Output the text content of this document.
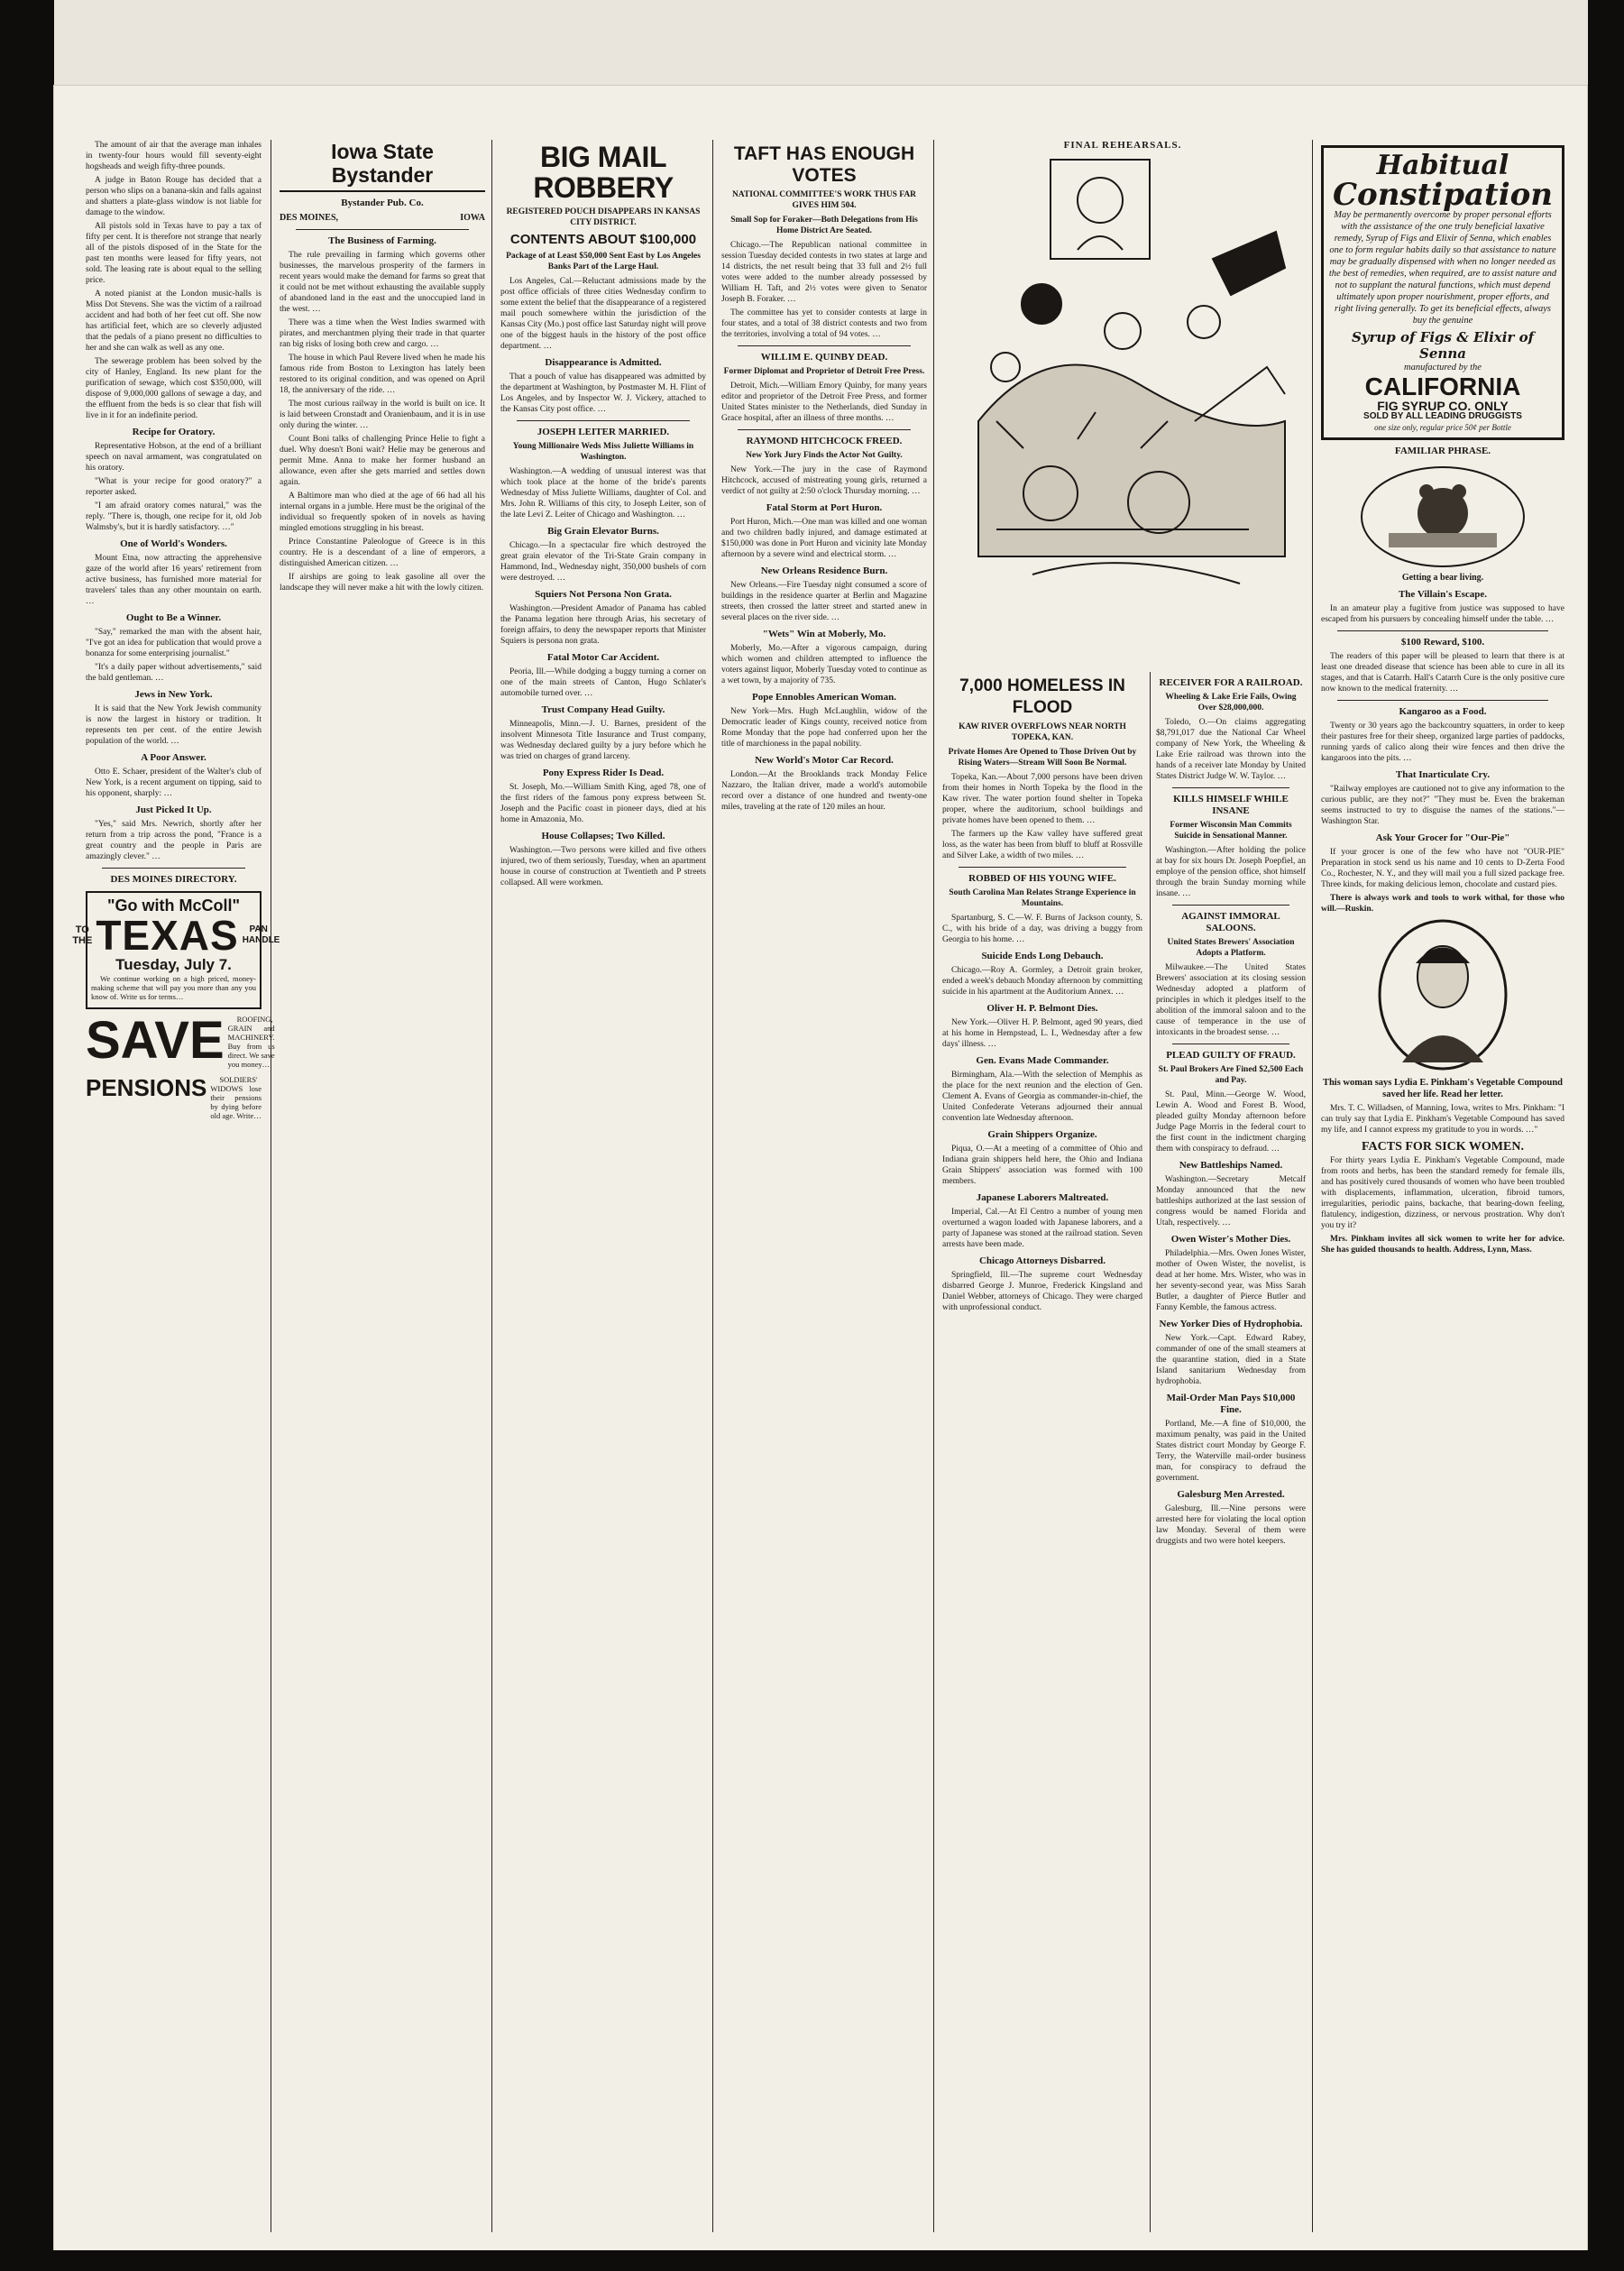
The amount of air that the average man inhales in twenty-four hours would fill seventy-eight hogsheads and weigh fifty-three pounds.

A judge in Baton Rouge has decided that a person who slips on a banana-skin and falls against and shatters a plate-glass window is not liable for damage to the window.

All pistols sold in Texas have to pay a tax of fifty per cent. It is therefore not strange that nearly all of the pistols disposed of in the State for the past ten months were leased for fifty years, not sold. The leasing rate is about equal to the selling price.

A noted pianist at the London music-halls is Miss Dot Stevens. She was the victim of a railroad accident and had both of her feet cut off. She now has artificial feet, which are so cleverly adjusted that the pedals of a piano present no difficulties to her and she can walk as well as any one.

The sewerage problem has been solved by the city of Hanley, England. Its new plant for the purification of sewage, which cost $350,000, will dispose of 9,000,000 gallons of sewage a day, and the effluent from the beds is so clear that fish will live in it for an indefinite period.

Recipe for Oratory.

Representative Hobson, at the end of a brilliant speech on naval armament, was congratulated on his oratory.

"What is your recipe for good oratory?" a reporter asked.

"I am afraid oratory comes natural," was the reply. "There is, though, one recipe for it, old Job Walmsby's, but it is hardly satisfactory. …"

One of World's Wonders.

Mount Etna, now attracting the apprehensive gaze of the world after 16 years' retirement from active business, has furnished more material for travelers' tales than any other mountain on earth. …

Ought to Be a Winner.

"Say," remarked the man with the absent hair, "I've got an idea for publication that would prove a bonanza for some enterprising journalist."

"It's a daily paper without advertisements," said the bald gentleman. …

Jews in New York.

It is said that the New York Jewish community is now the largest in history or tradition. It represents ten per cent. of the entire Jewish population of the world. …

A Poor Answer.

Otto E. Schaer, president of the Walter's club of New York, is a recent argument on tipping, said to his opponent, sharply: …

Just Picked It Up.

"Yes," said Mrs. Newrich, shortly after her return from a trip across the pond, "France is a great country and the people in Paris are amazingly clever." …

DES MOINES DIRECTORY.
"Go with McColl"
TO THE TEXAS	PAN HANDLE
Tuesday, July 7.

We continue working on a high priced, money-making scheme that will pay you more than any you know of. Write us for terms…

SAVE	ROOFING, GRAIN and MACHINERY. Buy from us direct. We save you money…

PENSIONS	SOLDIERS' WIDOWS lose their pensions by dying before old age. Write…

Iowa State Bystander
Bystander Pub. Co.
DES MOINES,	IOWA
The Business of Farming.

The rule prevailing in farming which governs other businesses, the marvelous prosperity of the farmers in recent years would make the demand for farms so great that it could not be met without exhausting the available supply of abandoned land in the east and the unoccupied land in the west. …

There was a time when the West Indies swarmed with pirates, and merchantmen plying their trade in that quarter ran big risks of losing both crew and cargo. …

The house in which Paul Revere lived when he made his famous ride from Boston to Lexington has lately been restored to its original condition, and was opened on April 18, the anniversary of the ride. …

The most curious railway in the world is built on ice. It is laid between Cronstadt and Oranienbaum, and it is in use only during the winter. …

Count Boni talks of challenging Prince Helie to fight a duel. Why doesn't Boni wait? Helie may be generous and permit Mme. Anna to make her former husband an allowance, even after she gets married and settles down again.

A Baltimore man who died at the age of 66 had all his internal organs in a jumble. Here must be the original of the individual so frequently spoken of in novels as having mingled emotions struggling in his breast.

Prince Constantine Paleologue of Greece is in this country. He is a descendant of a line of emperors, a distinguished American citizen. …

If airships are going to leak gasoline all over the landscape they will never make a hit with the lowly citizen.

BIG MAIL ROBBERY
REGISTERED POUCH DISAPPEARS IN KANSAS CITY DISTRICT.
CONTENTS ABOUT $100,000
Package of at Least $50,000 Sent East by Los Angeles Banks Part of the Large Haul.

Los Angeles, Cal.—Reluctant admissions made by the post office officials of three cities Wednesday confirm to some extent the belief that the disappearance of a registered mail pouch somewhere within the jurisdiction of the Kansas City (Mo.) post office last Saturday night will prove one of the biggest hauls in the history of the post office department. …

Disappearance is Admitted.

That a pouch of value has disappeared was admitted by the department at Washington, by Postmaster M. H. Flint of Los Angeles, and by Inspector W. J. Vickery, attached to the Kansas City post office. …

JOSEPH LEITER MARRIED.
Young Millionaire Weds Miss Juliette Williams in Washington.

Washington.—A wedding of unusual interest was that which took place at the home of the bride's parents Wednesday of Miss Juliette Williams, daughter of Col. and Mrs. John R. Williams of this city, to Joseph Leiter, son of the late Levi Z. Leiter of Chicago and Washington. …

Big Grain Elevator Burns.

Chicago.—In a spectacular fire which destroyed the great grain elevator of the Tri-State Grain company in Hammond, Ind., Wednesday night, 350,000 bushels of corn were destroyed. …

Squiers Not Persona Non Grata.

Washington.—President Amador of Panama has cabled the Panama legation here through Arias, his secretary of foreign affairs, to deny the newspaper reports that Minister Squiers is persona non grata.

Fatal Motor Car Accident.

Peoria, Ill.—While dodging a buggy turning a corner on one of the main streets of Canton, Hugo Schlater's automobile turned over. …

Trust Company Head Guilty.

Minneapolis, Minn.—J. U. Barnes, president of the insolvent Minnesota Title Insurance and Trust company, was Wednesday declared guilty by a jury before which he was tried on charges of grand larceny.

Pony Express Rider Is Dead.

St. Joseph, Mo.—William Smith King, aged 78, one of the first riders of the famous pony express between St. Joseph and the Pacific coast in pioneer days, died at his home in Amazonia, Mo.

House Collapses; Two Killed.

Washington.—Two persons were killed and five others injured, two of them seriously, Tuesday, when an apartment house in course of construction at Twentieth and P streets collapsed. All were workmen.

TAFT HAS ENOUGH VOTES
NATIONAL COMMITTEE'S WORK THUS FAR GIVES HIM 504.
Small Sop for Foraker—Both Delegations from His Home District Are Seated.

Chicago.—The Republican national committee in session Tuesday decided contests in two states at large and 14 districts, the net result being that 33 full and 2½ full votes were added to the number already possessed by William H. Taft, and 2½ votes were given to Senator Joseph B. Foraker. …

The committee has yet to consider contests at large in four states, and a total of 38 district contests and two from the territories, involving a total of 94 votes. …

WILLIM E. QUINBY DEAD.
Former Diplomat and Proprietor of Detroit Free Press.

Detroit, Mich.—William Emory Quinby, for many years editor and proprietor of the Detroit Free Press, and former United States minister to the Netherlands, died Sunday in Grace hospital, after an illness of three months. …

RAYMOND HITCHCOCK FREED.
New York Jury Finds the Actor Not Guilty.

New York.—The jury in the case of Raymond Hitchcock, accused of mistreating young girls, returned a verdict of not guilty at 2:50 o'clock Thursday morning. …

Fatal Storm at Port Huron.

Port Huron, Mich.—One man was killed and one woman and two children badly injured, and damage estimated at $150,000 was done in Port Huron and vicinity late Monday afternoon by a severe wind and electrical storm. …

New Orleans Residence Burn.

New Orleans.—Fire Tuesday night consumed a score of buildings in the residence quarter at Berlin and Magazine streets, then crossed the latter street and started anew in several places on the river side. …

"Wets" Win at Moberly, Mo.

Moberly, Mo.—After a vigorous campaign, during which women and children attempted to influence the voters against liquor, Moberly Tuesday voted to continue as a wet town, by a majority of 735.

Pope Ennobles American Woman.

New York—Mrs. Hugh McLaughlin, widow of the Democratic leader of Kings county, received notice from Rome Monday that the pope had conferred upon her the title of marchioness in the papal nobility.

New World's Motor Car Record.

London.—At the Brooklands track Monday Felice Nazzaro, the Italian driver, made a world's automobile record over a distance of one hundred and twenty-one miles, traveling at the rate of 120 miles an hour.

FINAL REHEARSALS.
7,000 HOMELESS IN FLOOD
KAW RIVER OVERFLOWS NEAR NORTH TOPEKA, KAN.
Private Homes Are Opened to Those Driven Out by Rising Waters—Stream Will Soon Be Normal.

Topeka, Kan.—About 7,000 persons have been driven from their homes in North Topeka by the flood in the Kaw river. The water portion found shelter in Topeka proper, where the auditorium, school buildings and private homes have been opened to them. …

The farmers up the Kaw valley have suffered great loss, as the water has been from bluff to bluff at Rossville and Silver Lake, a width of two miles. …

ROBBED OF HIS YOUNG WIFE.
South Carolina Man Relates Strange Experience in Mountains.

Spartanburg, S. C.—W. F. Burns of Jackson county, S. C., with his bride of a day, was driving a buggy from Georgia to his home. …

Suicide Ends Long Debauch.

Chicago.—Roy A. Gormley, a Detroit grain broker, ended a week's debauch Monday afternoon by committing suicide in his apartment at the Auditorium Annex. …

Oliver H. P. Belmont Dies.

New York.—Oliver H. P. Belmont, aged 90 years, died at his home in Hempstead, L. I., Wednesday after a few days' illness. …

Gen. Evans Made Commander.

Birmingham, Ala.—With the selection of Memphis as the place for the next reunion and the election of Gen. Clement A. Evans of Georgia as commander-in-chief, the United Confederate Veterans adjourned their annual convention late Wednesday afternoon.

Grain Shippers Organize.

Piqua, O.—At a meeting of a committee of Ohio and Indiana grain shippers held here, the Ohio and Indiana Grain Shippers' association was formed with 100 members.

Japanese Laborers Maltreated.

Imperial, Cal.—At El Centro a number of young men overturned a wagon loaded with Japanese laborers, and a party of Japanese was stoned at the railroad station. Seven arrests have been made.

Chicago Attorneys Disbarred.

Springfield, Ill.—The supreme court Wednesday disbarred George J. Munroe, Frederick Kingsland and Daniel Webber, attorneys of Chicago. They were charged with unprofessional conduct.

RECEIVER FOR A RAILROAD.
Wheeling & Lake Erie Fails, Owing Over $28,000,000.

Toledo, O.—On claims aggregating $8,791,017 due the National Car Wheel company of New York, the Wheeling & Lake Erie railroad was thrown into the hands of a receiver late Monday by United States District Judge W. W. Taylor. …

KILLS HIMSELF WHILE INSANE
Former Wisconsin Man Commits Suicide in Sensational Manner.

Washington.—After holding the police at bay for six hours Dr. Joseph Poepfiel, an employe of the pension office, shot himself through the brain Sunday morning while insane. …

AGAINST IMMORAL SALOONS.
United States Brewers' Association Adopts a Platform.

Milwaukee.—The United States Brewers' association at its closing session Wednesday adopted a platform of principles in which it pledges itself to the abolition of the immoral saloon and to the cause of temperance in the use of intoxicants in the broadest sense. …

PLEAD GUILTY OF FRAUD.
St. Paul Brokers Are Fined $2,500 Each and Pay.

St. Paul, Minn.—George W. Wood, Lewin A. Wood and Forest B. Wood, pleaded guilty Monday afternoon before Judge Page Morris in the federal court to the first count in the indictment charging them with conspiracy to defraud. …

New Battleships Named.

Washington.—Secretary Metcalf Monday announced that the new battleships authorized at the last session of congress would be named Florida and Utah, respectively. …

Owen Wister's Mother Dies.

Philadelphia.—Mrs. Owen Jones Wister, mother of Owen Wister, the novelist, is dead at her home. Mrs. Wister, who was in her seventy-second year, was Miss Sarah Butler, a daughter of Pierce Butler and Fanny Kemble, the famous actress.

New Yorker Dies of Hydrophobia.

New York.—Capt. Edward Rabey, commander of one of the small steamers at the quarantine station, died in a State Island sanitarium Wednesday from hydrophobia.

Mail-Order Man Pays $10,000 Fine.

Portland, Me.—A fine of $10,000, the maximum penalty, was paid in the United States district court Monday by George F. Terry, the Waterville mail-order business man, for conspiracy to defraud the government.

Galesburg Men Arrested.

Galesburg, Ill.—Nine persons were arrested here for violating the local option law Monday. Several of them were druggists and two were hotel keepers.

Habitual
Constipation

May be permanently overcome by proper personal efforts with the assistance of the one truly beneficial laxative remedy, Syrup of Figs and Elixir of Senna, which enables one to form regular habits daily so that assistance to nature may be gradually dispensed with when no longer needed as the best of remedies, when required, are to assist nature and not to supplant the natural functions, which must depend ultimately upon proper nourishment, proper efforts, and right living generally. To get its beneficial effects, always buy the genuine

Syrup of Figs & Elixir of Senna
manufactured by the
CALIFORNIA
FIG SYRUP CO. ONLY
SOLD BY ALL LEADING DRUGGISTS
one size only, regular price 50¢ per Bottle
FAMILIAR PHRASE.
Getting a bear living.
The Villain's Escape.

In an amateur play a fugitive from justice was supposed to have escaped from his pursuers by concealing himself under the table. …

$100 Reward, $100.

The readers of this paper will be pleased to learn that there is at least one dreaded disease that science has been able to cure in all its stages, and that is Catarrh. Hall's Catarrh Cure is the only positive cure now known to the medical fraternity. …

Kangaroo as a Food.

Twenty or 30 years ago the backcountry squatters, in order to keep their pastures free for their sheep, organized large parties of paddocks, running yards of calico along their wire fences and then drive the kangaroos into the pits. …

That Inarticulate Cry.

"Railway employes are cautioned not to give any information to the curious public, are they not?" "They must be. Even the brakeman seems instructed to try to disguise the names of the stations."—Washington Star.

Ask Your Grocer for "Our-Pie"

If your grocer is one of the few who have not "OUR-PIE" Preparation in stock send us his name and 10 cents to D-Zerta Food Co., Rochester, N. Y., and they will mail you a full sized package free. Three kinds, for making delicious lemon, chocolate and custard pies.

There is always work and tools to work withal, for those who will.—Ruskin.

This woman says Lydia E. Pinkham's Vegetable Compound saved her life. Read her letter.

Mrs. T. C. Willadsen, of Manning, Iowa, writes to Mrs. Pinkham: "I can truly say that Lydia E. Pinkham's Vegetable Compound has saved my life, and I cannot express my gratitude to you in words. …"

FACTS FOR SICK WOMEN.

For thirty years Lydia E. Pinkham's Vegetable Compound, made from roots and herbs, has been the standard remedy for female ills, and has positively cured thousands of women who have been troubled with displacements, inflammation, ulceration, fibroid tumors, irregularities, periodic pains, backache, that bearing-down feeling, flatulency, indigestion, dizziness, or nervous prostration. Why don't you try it?

Mrs. Pinkham invites all sick women to write her for advice. She has guided thousands to health. Address, Lynn, Mass.
